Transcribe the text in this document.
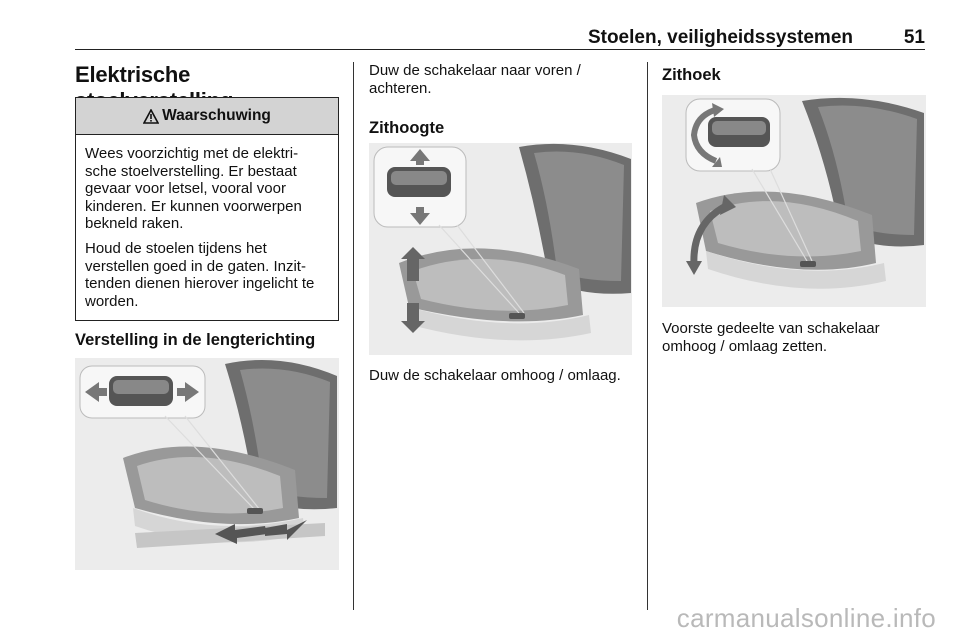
Stoelen, veiligheidssystemen	51
Elektrische
Waarschuwing

Wees voorzichtig met de elektri-sche stoelverstelling. Er bestaat gevaar voor letsel, vooral voor kinderen. Er kunnen voorwerpen bekneld raken.

Houd de stoelen tijdens het verstellen goed in de gaten. Inzit-tenden dienen hierover ingelicht te worden.

Verstelling in de lengterichting

Duw de schakelaar naar voren / achteren.

Zithoogte

Duw de schakelaar omhoog / omlaag.

Zithoek

Voorste gedeelte van schakelaar omhoog / omlaag zetten.

carmanualsonline.info
